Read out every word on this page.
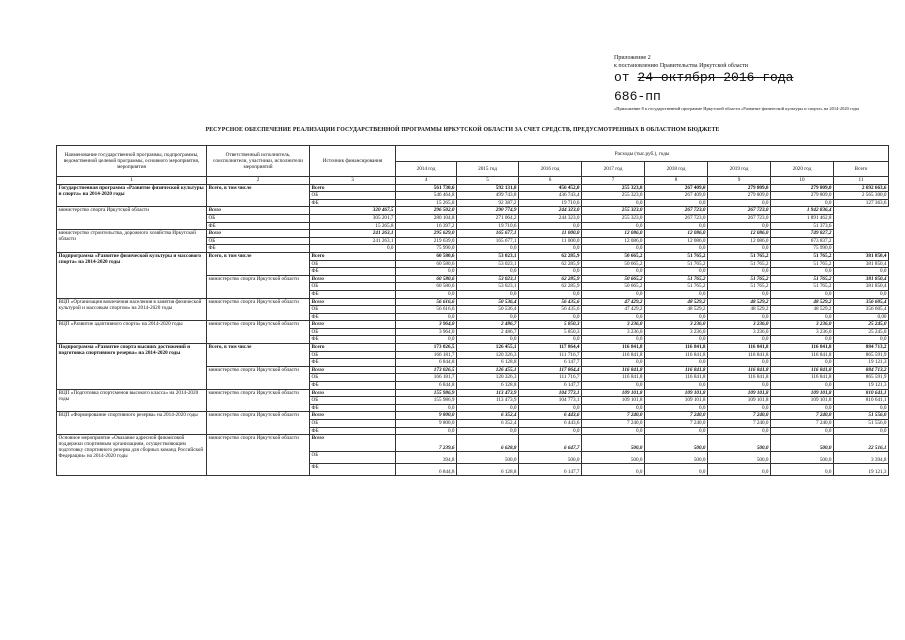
Приложение 2
к постановлению Правительства Иркутской области
от 24 октября 2016 года
686-пп
«Приложение 8 к государственной программе Иркутской области «Развитие физической культуры и спорта» на 2014-2020 годы
Наименование государственной программы, подпрограммы, ведомственной целевой программы, основного мероприятия, мероприятия	Ответственный исполнитель, соисполнители, участники, исполнители мероприятий	Источник финансирования	Расходы (тыс.руб.), годы							
			2014 год	2015 год	2016 год	2017 год	2018 год	2019 год	2020 год	Всего
1	2	3	4	5	6	7	8	9	10	11
Государственная программа «Развитие физической культуры и спорта» на 2014-2020 годы	Всего, в том числе	Всего	561 730,6	592 131,8	456 452,0	255 323,0	267 409,0	279 809,0	279 809,0	2 692 663,6
		ОБ	546 464,8	499 743,8	436 743,4	255 323,0	267 409,0	279 809,0	279 809,0	2 565 300,0
		ФБ	15 265,8	92 387,2	19 710,6	0,0	0,0	0,0	0,0	127 363,6
министерство спорта Иркутской области	Всего	320 467,5	296 502,0	290 774,9	244 323,0	255 323,0	267 723,0	267 723,0	1 942 836,4	
	ОБ	305 201,7	280 104,8	271 064,2	244 323,0	255 323,0	267 723,0	267 723,0	1 891 462,8	
	ФБ	15 265,8	16 397,2	19 710,6	0,0	0,0	0,0	0,0	51 373,6	
министерство строительства, дорожного хозяйства Иркутской области	Всего	241 263,1	295 629,0	165 677,1	11 000,0	12 086,0	12 086,0	12 086,0	749 827,2	
	ОБ	241 263,1	219 639,0	165 677,1	11 000,0	12 086,0	12 086,0	12 086,0	673 837,2	
	ФБ	0,0	75 990,0	0,0	0,0	0,0	0,0	0,0	75 990,0	
Подпрограмма «Развитие физической культуры и массового спорта» на 2014-2020 годы	Всего, в том числе	Всего	60 580,6	53 023,1	62 285,9	50 665,2	51 765,2	51 765,2	51 765,2	381 850,4
		ОБ	60 580,6	53 023,1	62 285,9	50 665,2	51 765,2	51 765,2	51 765,2	381 850,4
		ФБ	0,0	0,0	0,0	0,0	0,0	0,0	0,0	0,0
	министерство спорта Иркутской области	Всего	60 580,6	53 023,1	62 285,9	50 665,2	51 765,2	51 765,2	51 765,2	381 850,4
		ОБ	60 580,6	53 023,1	62 285,9	50 665,2	51 765,2	51 765,2	51 765,2	381 850,4
		ФБ	0,0	0,0	0,0	0,0	0,0	0,0	0,0	0,0
ВЦП «Организация вовлечения населения в занятия физической культурой и массовым спортом» на 2014-2020 годы	министерство спорта Иркутской области	Всего	56 616,6	50 536,4	56 435,6	47 429,2	48 529,2	48 529,2	48 529,2	356 605,4
		ОБ	56 616,6	50 536,4	56 435,6	47 429,2	48 529,2	48 529,2	48 529,2	356 605,4
		ФБ	0,0	0,0	0,0	0,0	0,0	0,0	0,0	0,00
ВЦП «Развитие адаптивного спорта» на 2014-2020 годы	министерство спорта Иркутской области	Всего	3 964,0	2 486,7	5 850,3	3 236,0	3 236,0	3 236,0	3 236,0	25 245,0
		ОБ	3 964,0	2 486,7	5 850,3	3 236,0	3 236,0	3 236,0	3 236,0	25 245,0
		ФБ	0,0	0,0	0,0	0,0	0,0	0,0	0,0	0,0
Подпрограмма «Развитие спорта высших достижений и подготовка спортивного резерва» на 2014-2020 годы	Всего, в том числе	Всего	173 026,5	126 455,1	117 864,4	116 841,8	116 841,8	116 841,8	116 841,8	884 713,2
		ОБ	166 181,7	120 326,3	111 716,7	116 841,8	116 841,8	116 841,8	116 841,8	865 591,9
		ФБ	6 844,8	6 128,8	6 147,7	0,0	0,0	0,0	0,0	19 121,3
	министерство спорта Иркутской области	Всего	173 026,5	126 455,1	117 864,4	116 841,8	116 841,8	116 841,8	116 841,8	884 713,2
		ОБ	166 181,7	120 326,3	111 716,7	116 841,8	116 841,8	116 841,8	116 841,8	865 591,9
		ФБ	6 844,8	6 128,8	6 147,7	0,0	0,0	0,0	0,0	19 121,3
ВЦП «Подготовка спортсменов высокого класса» на 2014-2020 годы	министерство спорта Иркутской области	Всего	155 986,9	113 473,9	104 773,1	109 101,8	109 101,8	109 101,8	109 101,8	810 641,1
		ОБ	155 986,9	113 473,9	104 773,1	109 101,8	109 101,8	109 101,8	109 101,8	810 641,1
		ФБ	0,0	0,0	0,0	0,0	0,0	0,0	0,0	0,0
ВЦП «Формирование спортивного резерва» на 2014-2020 годы	министерство спорта Иркутской области	Всего	9 800,0	6 352,4	6 443,6	7 240,0	7 240,0	7 240,0	7 240,0	51 556,0
		ОБ	9 800,0	6 352,4	6 443,6	7 240,0	7 240,0	7 240,0	7 240,0	51 556,0
		ФБ	0,0	0,0	0,0	0,0	0,0	0,0	0,0	0,0
Основное мероприятие «Оказание адресной финансовой поддержки спортивным организациям, осуществляющим подготовку спортивного резерва для сборных команд Российской Федерации» на 2014-2020 годы	министерство спорта Иркутской области	Всего	7 239,6	6 628,8	6 647,7	500,0	500,0	500,0	500,0	22 516,1
		ОБ	394,8	500,0	500,0	500,0	500,0	500,0	500,0	3 394,8
		ФБ	6 844,8	6 128,8	6 147,7	0,0	0,0	0,0	0,0	19 121,3
РЕСУРСНОЕ ОБЕСПЕЧЕНИЕ РЕАЛИЗАЦИИ ГОСУДАРСТВЕННОЙ ПРОГРАММЫ ИРКУТСКОЙ ОБЛАСТИ ЗА СЧЕТ СРЕДСТВ, ПРЕДУСМОТРЕННЫХ В ОБЛАСТНОМ БЮДЖЕТЕ
